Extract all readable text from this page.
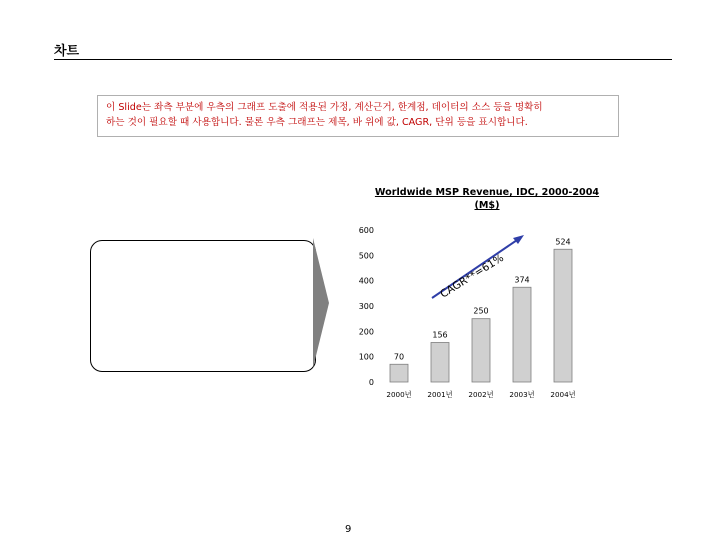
차트
이 Slide는 좌측 부분에 우측의 그래프 도출에 적용된 가정, 계산근거, 한계점, 데이터의 소스 등을 명확히
하는 것이 필요할 때 사용합니다. 물론 우측 그래프는 제목, 바 위에 값, CAGR, 단위 등을 표시합니다.
Worldwide MSP Revenue, IDC, 2000-2004
(M$)
600
500
400
300
200
100
0
70
2000년
156
2001년
250
2002년
374
2003년
524
2004년
CAGR**=61%
9
